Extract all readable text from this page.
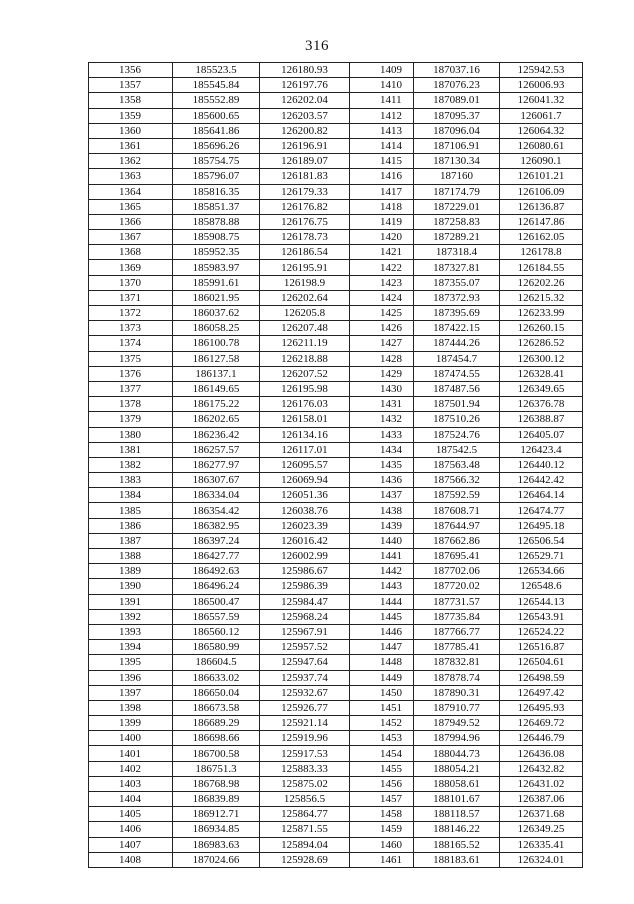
316
1356	185523.5	126180.93	1409	187037.16	125942.53
1357	185545.84	126197.76	1410	187076.23	126006.93
1358	185552.89	126202.04	1411	187089.01	126041.32
1359	185600.65	126203.57	1412	187095.37	126061.7
1360	185641.86	126200.82	1413	187096.04	126064.32
1361	185696.26	126196.91	1414	187106.91	126080.61
1362	185754.75	126189.07	1415	187130.34	126090.1
1363	185796.07	126181.83	1416	187160	126101.21
1364	185816.35	126179.33	1417	187174.79	126106.09
1365	185851.37	126176.82	1418	187229.01	126136.87
1366	185878.88	126176.75	1419	187258.83	126147.86
1367	185908.75	126178.73	1420	187289.21	126162.05
1368	185952.35	126186.54	1421	187318.4	126178.8
1369	185983.97	126195.91	1422	187327.81	126184.55
1370	185991.61	126198.9	1423	187355.07	126202.26
1371	186021.95	126202.64	1424	187372.93	126215.32
1372	186037.62	126205.8	1425	187395.69	126233.99
1373	186058.25	126207.48	1426	187422.15	126260.15
1374	186100.78	126211.19	1427	187444.26	126286.52
1375	186127.58	126218.88	1428	187454.7	126300.12
1376	186137.1	126207.52	1429	187474.55	126328.41
1377	186149.65	126195.98	1430	187487.56	126349.65
1378	186175.22	126176.03	1431	187501.94	126376.78
1379	186202.65	126158.01	1432	187510.26	126388.87
1380	186236.42	126134.16	1433	187524.76	126405.07
1381	186257.57	126117.01	1434	187542.5	126423.4
1382	186277.97	126095.57	1435	187563.48	126440.12
1383	186307.67	126069.94	1436	187566.32	126442.42
1384	186334.04	126051.36	1437	187592.59	126464.14
1385	186354.42	126038.76	1438	187608.71	126474.77
1386	186382.95	126023.39	1439	187644.97	126495.18
1387	186397.24	126016.42	1440	187662.86	126506.54
1388	186427.77	126002.99	1441	187695.41	126529.71
1389	186492.63	125986.67	1442	187702.06	126534.66
1390	186496.24	125986.39	1443	187720.02	126548.6
1391	186500.47	125984.47	1444	187731.57	126544.13
1392	186557.59	125968.24	1445	187735.84	126543.91
1393	186560.12	125967.91	1446	187766.77	126524.22
1394	186580.99	125957.52	1447	187785.41	126516.87
1395	186604.5	125947.64	1448	187832.81	126504.61
1396	186633.02	125937.74	1449	187878.74	126498.59
1397	186650.04	125932.67	1450	187890.31	126497.42
1398	186673.58	125926.77	1451	187910.77	126495.93
1399	186689.29	125921.14	1452	187949.52	126469.72
1400	186698.66	125919.96	1453	187994.96	126446.79
1401	186700.58	125917.53	1454	188044.73	126436.08
1402	186751.3	125883.33	1455	188054.21	126432.82
1403	186768.98	125875.02	1456	188058.61	126431.02
1404	186839.89	125856.5	1457	188101.67	126387.06
1405	186912.71	125864.77	1458	188118.57	126371.68
1406	186934.85	125871.55	1459	188146.22	126349.25
1407	186983.63	125894.04	1460	188165.52	126335.41
1408	187024.66	125928.69	1461	188183.61	126324.01
